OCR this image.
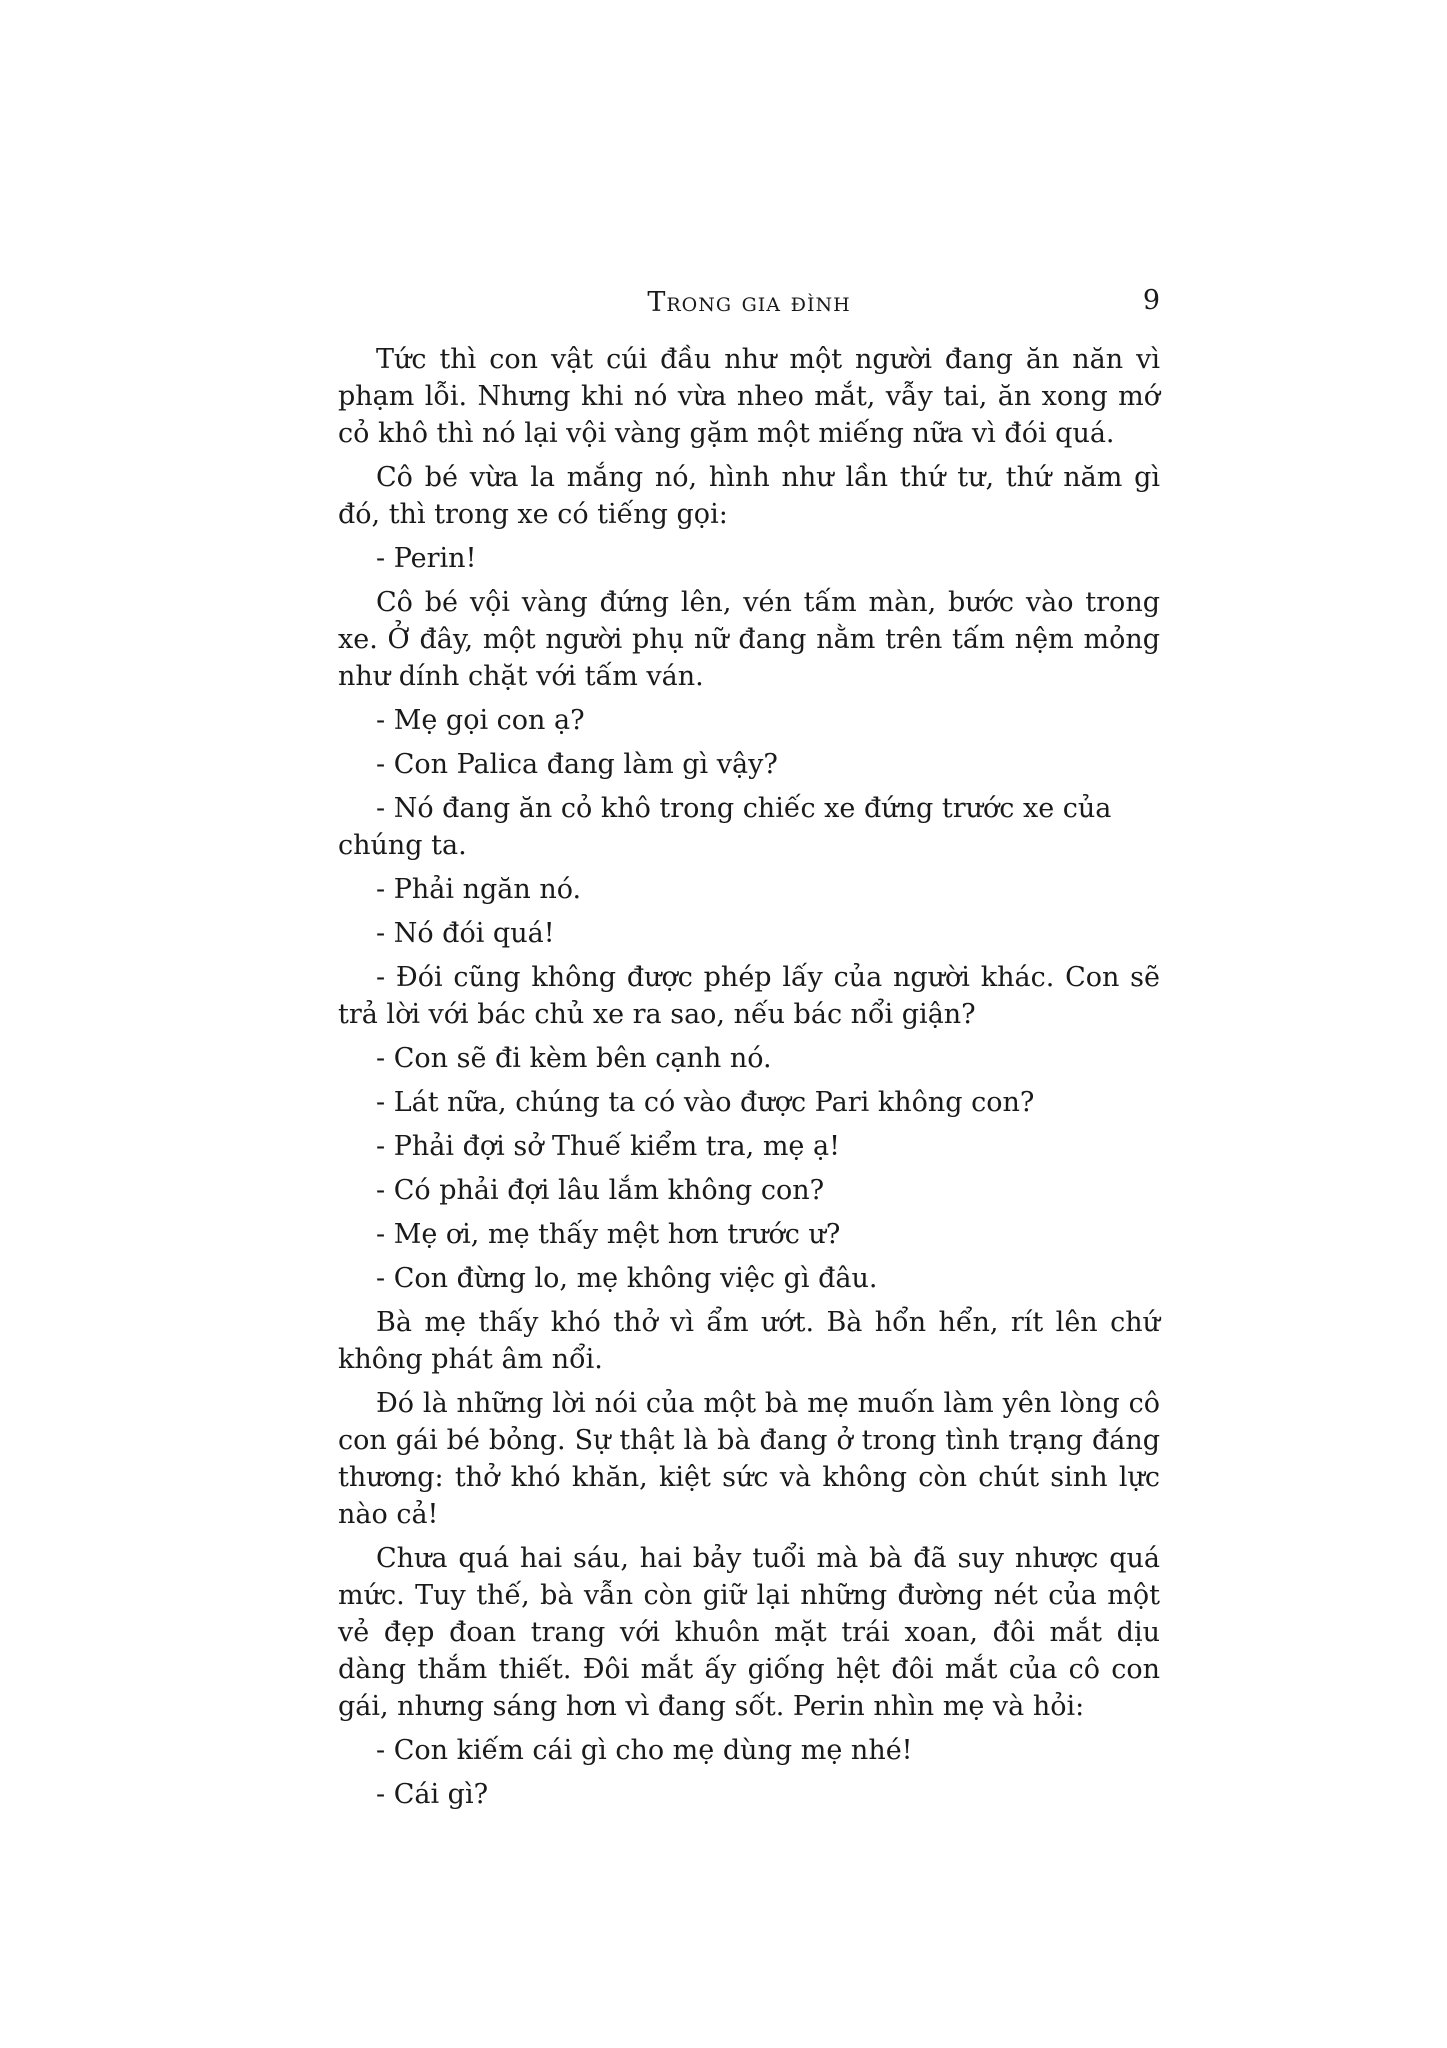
Trong gia đình	9

Tức thì con vật cúi đầu như một người đang ăn năn vì phạm lỗi. Nhưng khi nó vừa nheo mắt, vẫy tai, ăn xong mớ cỏ khô thì nó lại vội vàng gặm một miếng nữa vì đói quá.

Cô bé vừa la mắng nó, hình như lần thứ tư, thứ năm gì đó, thì trong xe có tiếng gọi:

- Perin!

Cô bé vội vàng đứng lên, vén tấm màn, bước vào trong xe. Ở đây, một người phụ nữ đang nằm trên tấm nệm mỏng như dính chặt với tấm ván.

- Mẹ gọi con ạ?

- Con Palica đang làm gì vậy?

- Nó đang ăn cỏ khô trong chiếc xe đứng trước xe của chúng ta.

- Phải ngăn nó.

- Nó đói quá!

- Đói cũng không được phép lấy của người khác. Con sẽ trả lời với bác chủ xe ra sao, nếu bác nổi giận?

- Con sẽ đi kèm bên cạnh nó.

- Lát nữa, chúng ta có vào được Pari không con?

- Phải đợi sở Thuế kiểm tra, mẹ ạ!

- Có phải đợi lâu lắm không con?

- Mẹ ơi, mẹ thấy mệt hơn trước ư?

- Con đừng lo, mẹ không việc gì đâu.

Bà mẹ thấy khó thở vì ẩm ướt. Bà hổn hển, rít lên chứ không phát âm nổi.

Đó là những lời nói của một bà mẹ muốn làm yên lòng cô con gái bé bỏng. Sự thật là bà đang ở trong tình trạng đáng thương: thở khó khăn, kiệt sức và không còn chút sinh lực nào cả!

Chưa quá hai sáu, hai bảy tuổi mà bà đã suy nhược quá mức. Tuy thế, bà vẫn còn giữ lại những đường nét của một vẻ đẹp đoan trang với khuôn mặt trái xoan, đôi mắt dịu dàng thắm thiết. Đôi mắt ấy giống hệt đôi mắt của cô con gái, nhưng sáng hơn vì đang sốt. Perin nhìn mẹ và hỏi:

- Con kiếm cái gì cho mẹ dùng mẹ nhé!

- Cái gì?
